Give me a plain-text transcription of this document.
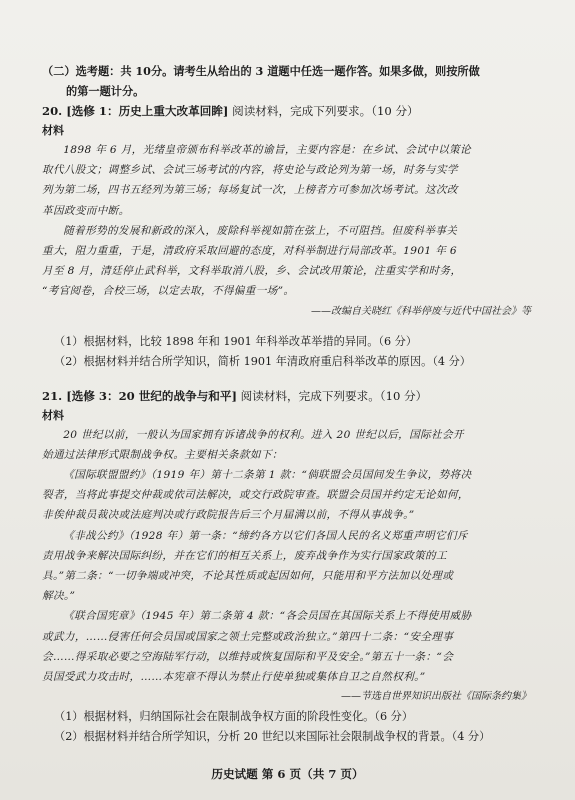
（二）选考题：共 10分。请考生从给出的 3 道题中任选一题作答。如果多做，则按所做
的第一题计分。

20. [选修 1：历史上重大改革回眸] 阅读材料，完成下列要求。（10 分）

材料

1898 年 6 月，光绪皇帝颁布科举改革的谕旨，主要内容是：在乡试、会试中以策论

取代八股文；调整乡试、会试三场考试的内容，将史论与政论列为第一场，时务与实学

列为第二场，四书五经列为第三场；每场复试一次，上榜者方可参加次场考试。这次改

革因政变而中断。

随着形势的发展和新政的深入，废除科举视如箭在弦上，不可阻挡。但废科举事关

重大，阻力重重，于是，清政府采取回避的态度，对科举制进行局部改革。1901 年 6

月至 8 月，清廷停止武科举，文科举取消八股，乡、会试改用策论，注重实学和时务，

“考官阅卷，合校三场，以定去取，不得偏重一场”。

——改编自关晓红《科举停废与近代中国社会》等

（1）根据材料，比较 1898 年和 1901 年科举改革举措的异同。（6 分）

（2）根据材料并结合所学知识，简析 1901 年清政府重启科举改革的原因。（4 分）

21. [选修 3：20 世纪的战争与和平] 阅读材料，完成下列要求。（10 分）

材料

20 世纪以前，一般认为国家拥有诉诸战争的权利。进入 20 世纪以后，国际社会开

始通过法律形式限制战争权。主要相关条款如下：

《国际联盟盟约》（1919 年）第十二条第 1 款：“倘联盟会员国间发生争议，势将决

裂者，当将此事提交仲裁或依司法解决，或交行政院审查。联盟会员国并约定无论如何，

非俟仲裁员裁决或法庭判决或行政院报告后三个月届满以前，不得从事战争。”

《非战公约》（1928 年）第一条：“缔约各方以它们各国人民的名义郑重声明它们斥

责用战争来解决国际纠纷，并在它们的相互关系上，废弃战争作为实行国家政策的工

具。”第二条：“一切争端或冲突，不论其性质或起因如何，只能用和平方法加以处理或

解决。”

《联合国宪章》（1945 年）第二条第 4 款：“各会员国在其国际关系上不得使用威胁

或武力，……侵害任何会员国或国家之领土完整或政治独立。”第四十二条：“安全理事

会……得采取必要之空海陆军行动，以维持或恢复国际和平及安全。”第五十一条：“会

员国受武力攻击时，……本宪章不得认为禁止行使单独或集体自卫之自然权利。”

——节选自世界知识出版社《国际条约集》

（1）根据材料，归纳国际社会在限制战争权方面的阶段性变化。（6 分）

（2）根据材料并结合所学知识，分析 20 世纪以来国际社会限制战争权的背景。（4 分）

历史试题 第 6 页（共 7 页）
